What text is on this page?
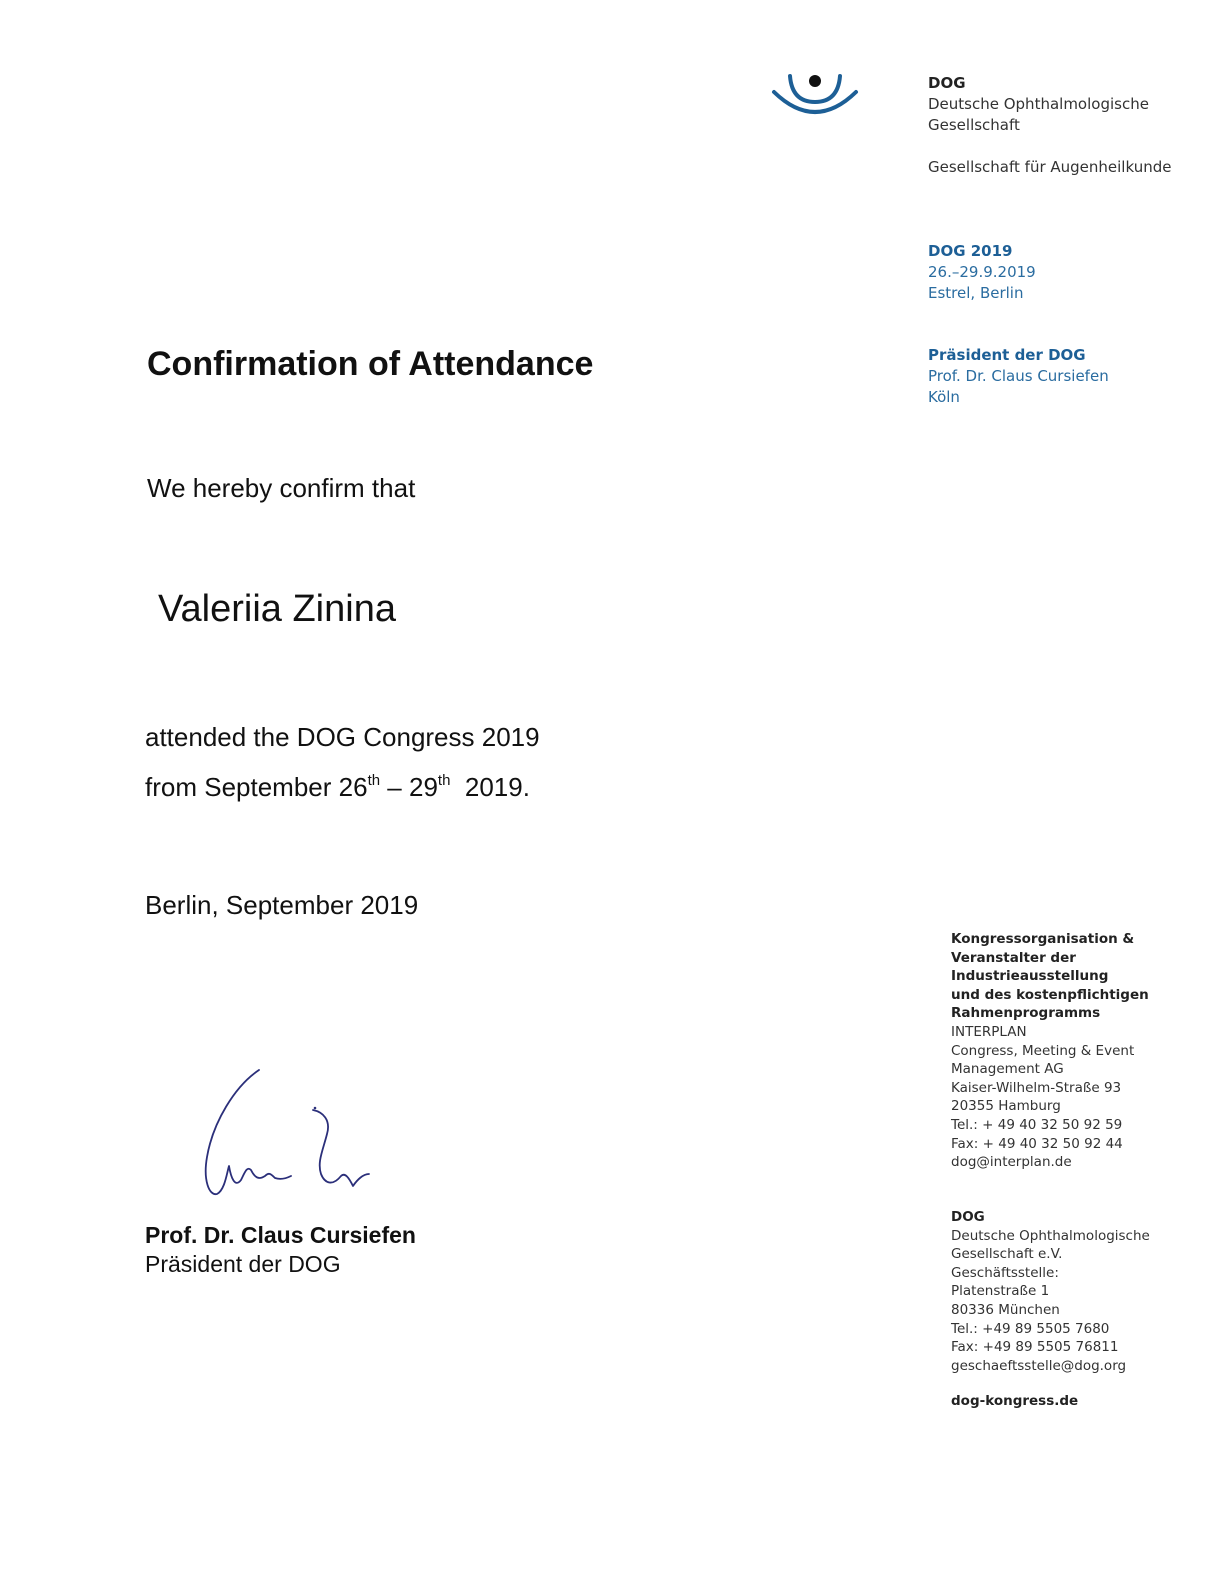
DOG
Deutsche Ophthalmologische
Gesellschaft
Gesellschaft für Augenheilkunde
DOG 2019
26.–29.9.2019
Estrel, Berlin
Präsident der DOG
Prof. Dr. Claus Cursiefen
Köln
Kongressorganisation &
Veranstalter der
Industrieausstellung
und des kostenpflichtigen
Rahmenprogramms
INTERPLAN
Congress, Meeting & Event
Management AG
Kaiser-Wilhelm-Straße 93
20355 Hamburg
Tel.: + 49 40 32 50 92 59
Fax: + 49 40 32 50 92 44
dog@interplan.de
DOG
Deutsche Ophthalmologische
Gesellschaft e.V.
Geschäftsstelle:
Platenstraße 1
80336 München
Tel.: +49 89 5505 7680
Fax: +49 89 5505 76811
geschaeftsstelle@dog.org
dog-kongress.de
Confirmation of Attendance
We hereby confirm that
Valeriia Zinina
attended the DOG Congress 2019
from September 26th – 29th  2019.
Berlin, September 2019
Prof. Dr. Claus Cursiefen
Präsident der DOG
